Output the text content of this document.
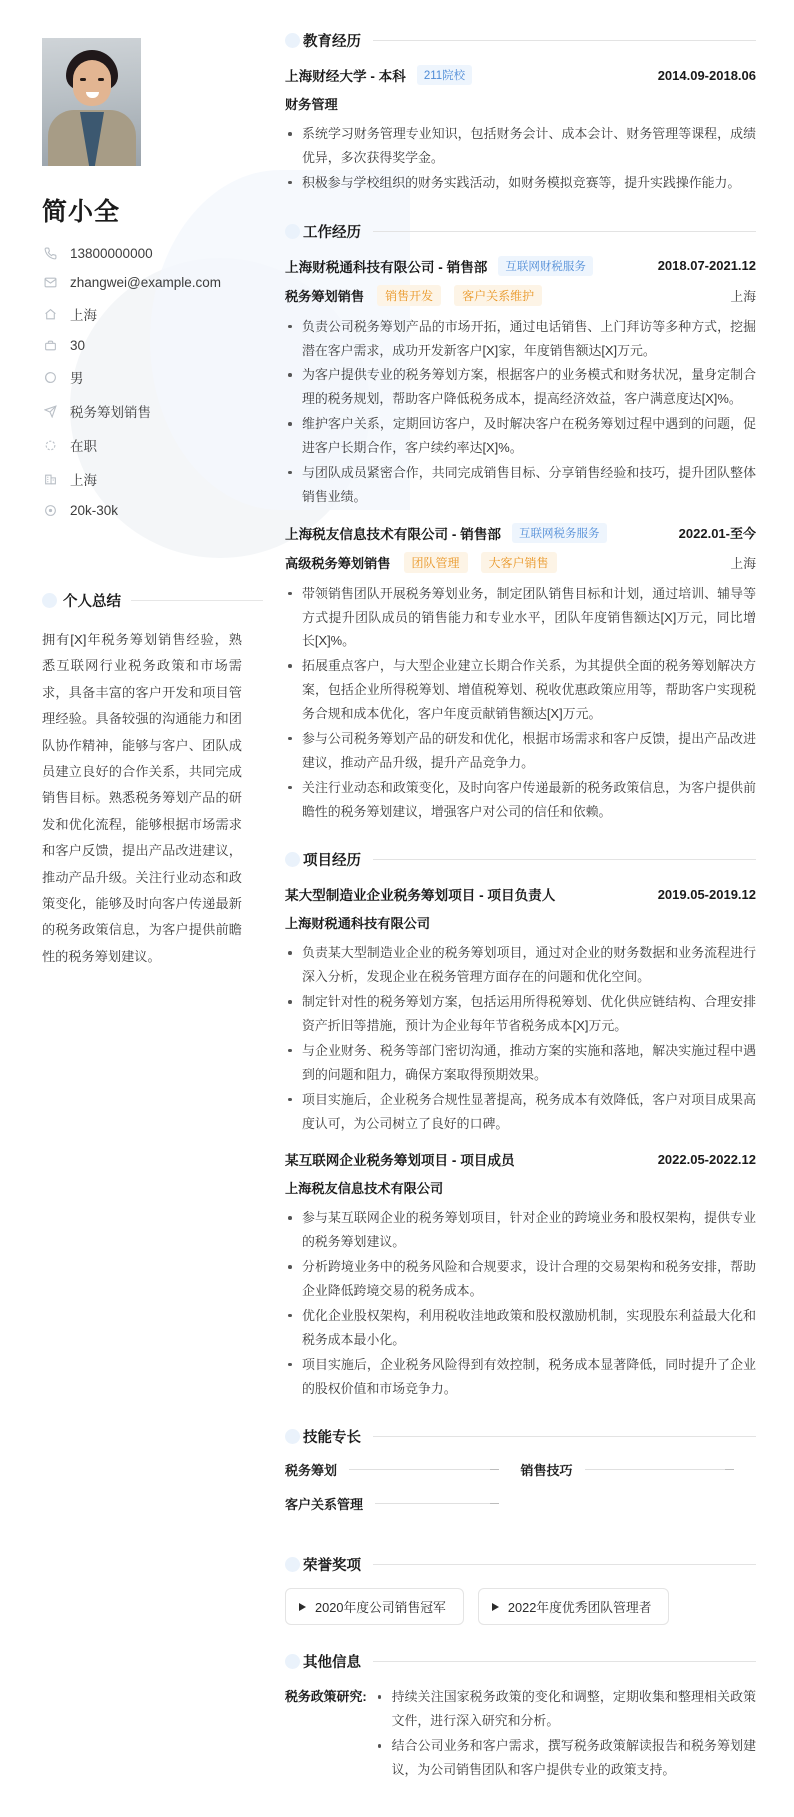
简小全
13800000000
zhangwei@example.com
上海
30
男
税务筹划销售
在职
上海
20k-30k
个人总结

拥有[X]年税务筹划销售经验，熟悉互联网行业税务政策和市场需求，具备丰富的客户开发和项目管理经验。具备较强的沟通能力和团队协作精神，能够与客户、团队成员建立良好的合作关系，共同完成销售目标。熟悉税务筹划产品的研发和优化流程，能够根据市场需求和客户反馈，提出产品改进建议，推动产品升级。关注行业动态和政策变化，能够及时向客户传递最新的税务政策信息，为客户提供前瞻性的税务筹划建议。

教育经历
上海财经大学 - 本科	211院校	2014.09-2018.06
财务管理
系统学习财务管理专业知识，包括财务会计、成本会计、财务管理等课程，成绩优异，多次获得奖学金。
积极参与学校组织的财务实践活动，如财务模拟竞赛等，提升实践操作能力。
工作经历
上海财税通科技有限公司 - 销售部	互联网财税服务	2018.07-2021.12
税务筹划销售	销售开发	客户关系维护	上海
负责公司税务筹划产品的市场开拓，通过电话销售、上门拜访等多种方式，挖掘潜在客户需求，成功开发新客户[X]家，年度销售额达[X]万元。
为客户提供专业的税务筹划方案，根据客户的业务模式和财务状况，量身定制合理的税务规划，帮助客户降低税务成本，提高经济效益，客户满意度达[X]%。
维护客户关系，定期回访客户，及时解决客户在税务筹划过程中遇到的问题，促进客户长期合作，客户续约率达[X]%。
与团队成员紧密合作，共同完成销售目标、分享销售经验和技巧，提升团队整体销售业绩。
上海税友信息技术有限公司 - 销售部	互联网税务服务	2022.01-至今
高级税务筹划销售	团队管理	大客户销售	上海
带领销售团队开展税务筹划业务，制定团队销售目标和计划，通过培训、辅导等方式提升团队成员的销售能力和专业水平，团队年度销售额达[X]万元，同比增长[X]%。
拓展重点客户，与大型企业建立长期合作关系，为其提供全面的税务筹划解决方案，包括企业所得税筹划、增值税筹划、税收优惠政策应用等，帮助客户实现税务合规和成本优化，客户年度贡献销售额达[X]万元。
参与公司税务筹划产品的研发和优化，根据市场需求和客户反馈，提出产品改进建议，推动产品升级，提升产品竞争力。
关注行业动态和政策变化，及时向客户传递最新的税务政策信息，为客户提供前瞻性的税务筹划建议，增强客户对公司的信任和依赖。
项目经历
某大型制造业企业税务筹划项目 - 项目负责人	2019.05-2019.12
上海财税通科技有限公司
负责某大型制造业企业的税务筹划项目，通过对企业的财务数据和业务流程进行深入分析，发现企业在税务管理方面存在的问题和优化空间。
制定针对性的税务筹划方案，包括运用所得税筹划、优化供应链结构、合理安排资产折旧等措施，预计为企业每年节省税务成本[X]万元。
与企业财务、税务等部门密切沟通，推动方案的实施和落地，解决实施过程中遇到的问题和阻力，确保方案取得预期效果。
项目实施后，企业税务合规性显著提高，税务成本有效降低，客户对项目成果高度认可，为公司树立了良好的口碑。
某互联网企业税务筹划项目 - 项目成员	2022.05-2022.12
上海税友信息技术有限公司
参与某互联网企业的税务筹划项目，针对企业的跨境业务和股权架构，提供专业的税务筹划建议。
分析跨境业务中的税务风险和合规要求，设计合理的交易架构和税务安排，帮助企业降低跨境交易的税务成本。
优化企业股权架构，利用税收洼地政策和股权激励机制，实现股东利益最大化和税务成本最小化。
项目实施后，企业税务风险得到有效控制，税务成本显著降低，同时提升了企业的股权价值和市场竞争力。
技能专长
税务筹划	销售技巧
客户关系管理
荣誉奖项
2020年度公司销售冠军	2022年度优秀团队管理者
其他信息
税务政策研究:	持续关注国家税务政策的变化和调整，定期收集和整理相关政策文件，进行深入研究和分析。
结合公司业务和客户需求，撰写税务政策解读报告和税务筹划建议，为公司销售团队和客户提供专业的政策支持。
